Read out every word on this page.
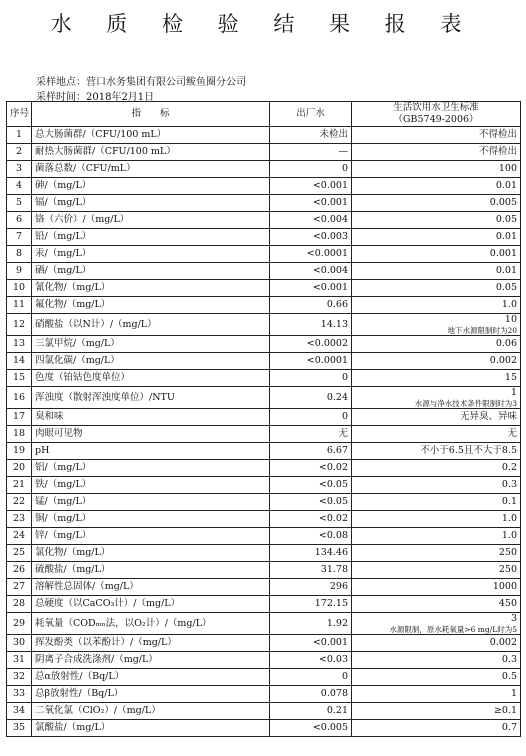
水 质 检 验 结 果 报 表
采样地点：营口水务集团有限公司鲅鱼圈分公司
采样时间：2018年2月1日
序号	指　　标	出厂水	生活饮用水卫生标准
（GB5749-2006）
1	总大肠菌群/（CFU/100 mL）	未检出	不得检出
2	耐热大肠菌群/（CFU/100 mL）	—	不得检出
3	菌落总数/（CFU/mL）	0	100
4	砷/（mg/L）	<0.001	0.01
5	镉/（mg/L）	<0.001	0.005
6	铬（六价）/（mg/L）	<0.004	0.05
7	铅/（mg/L）	<0.003	0.01
8	汞/（mg/L）	<0.0001	0.001
9	硒/（mg/L）	<0.004	0.01
10	氰化物/（mg/L）	<0.001	0.05
11	氟化物/（mg/L）	0.66	1.0
12	硝酸盐（以N计）/（mg/L）	14.13	10
地下水源限制时为20

13	三氯甲烷/（mg/L）	<0.0002	0.06
14	四氯化碳/（mg/L）	<0.0001	0.002
15	色度（铂钴色度单位）	0	15
16	浑浊度（散射浑浊度单位）/NTU	0.24	1
水源与净水技术条件限制时为3

17	臭和味	0	无异臭、异味
18	肉眼可见物	无	无
19	pH	6.67	不小于6.5且不大于8.5
20	铝/（mg/L）	<0.02	0.2
21	铁/（mg/L）	<0.05	0.3
22	锰/（mg/L）	<0.05	0.1
23	铜/（mg/L）	<0.02	1.0
24	锌/（mg/L）	<0.08	1.0
25	氯化物/（mg/L）	134.46	250
26	硫酸盐/（mg/L）	31.78	250
27	溶解性总固体/（mg/L）	296	1000
28	总硬度（以CaCO₃计）/（mg/L）	172.15	450
29	耗氧量（CODₘₙ法，以O₂计）/（mg/L）	1.92	3
水源限制，原水耗氧量>6 mg/L时为5

30	挥发酚类（以苯酚计）/（mg/L）	<0.001	0.002
31	阴离子合成洗涤剂/（mg/L）	<0.03	0.3
32	总α放射性/（Bq/L）	0	0.5
33	总β放射性/（Bq/L）	0.078	1
34	二氧化氯（ClO₂）/（mg/L）	0.21	≥0.1
35	氯酸盐/（mg/L）	<0.005	0.7
